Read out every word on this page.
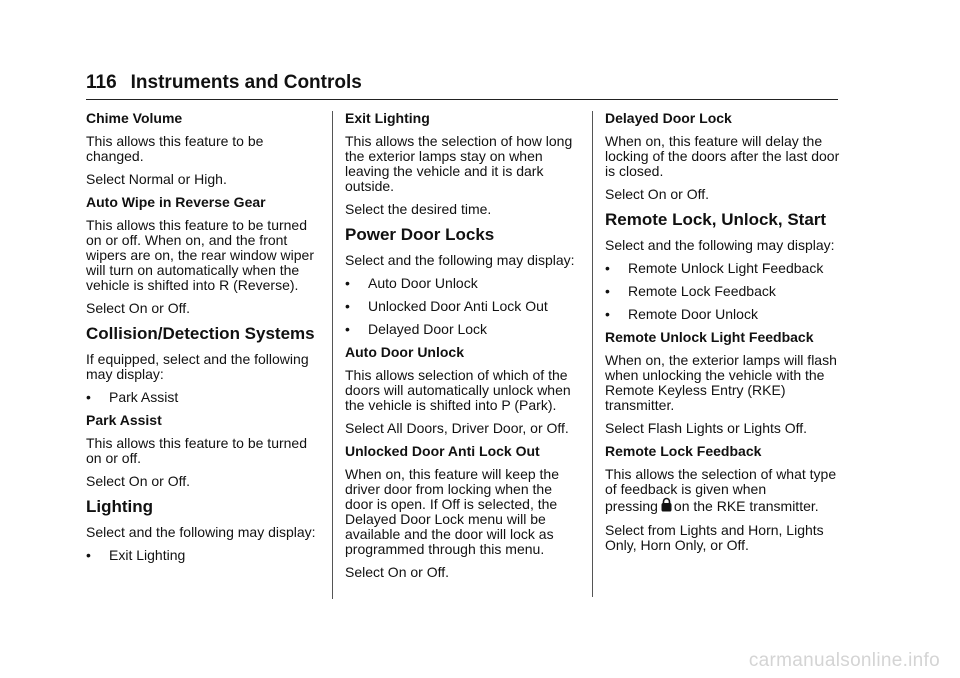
116 Instruments and Controls

Chime Volume

This allows this feature to be changed.

Select Normal or High.

Auto Wipe in Reverse Gear

This allows this feature to be turned on or off. When on, and the front wipers are on, the rear window wiper will turn on automatically when the vehicle is shifted into R (Reverse).

Select On or Off.

Collision/Detection Systems

If equipped, select and the following may display:

• Park Assist

Park Assist

This allows this feature to be turned on or off.

Select On or Off.

Lighting

Select and the following may display:

• Exit Lighting

Exit Lighting

This allows the selection of how long the exterior lamps stay on when leaving the vehicle and it is dark outside.

Select the desired time.

Power Door Locks

Select and the following may display:

• Auto Door Unlock

• Unlocked Door Anti Lock Out

• Delayed Door Lock

Auto Door Unlock

This allows selection of which of the doors will automatically unlock when the vehicle is shifted into P (Park).

Select All Doors, Driver Door, or Off.

Unlocked Door Anti Lock Out

When on, this feature will keep the driver door from locking when the door is open. If Off is selected, the Delayed Door Lock menu will be available and the door will lock as programmed through this menu.

Select On or Off.

Delayed Door Lock

When on, this feature will delay the locking of the doors after the last door is closed.

Select On or Off.

Remote Lock, Unlock, Start

Select and the following may display:

• Remote Unlock Light Feedback

• Remote Lock Feedback

• Remote Door Unlock

Remote Unlock Light Feedback

When on, the exterior lamps will flash when unlocking the vehicle with the Remote Keyless Entry (RKE) transmitter.

Select Flash Lights or Lights Off.

Remote Lock Feedback

This allows the selection of what type of feedback is given when
pressing on the RKE transmitter.

Select from Lights and Horn, Lights Only, Horn Only, or Off.

carmanualsonline.info
